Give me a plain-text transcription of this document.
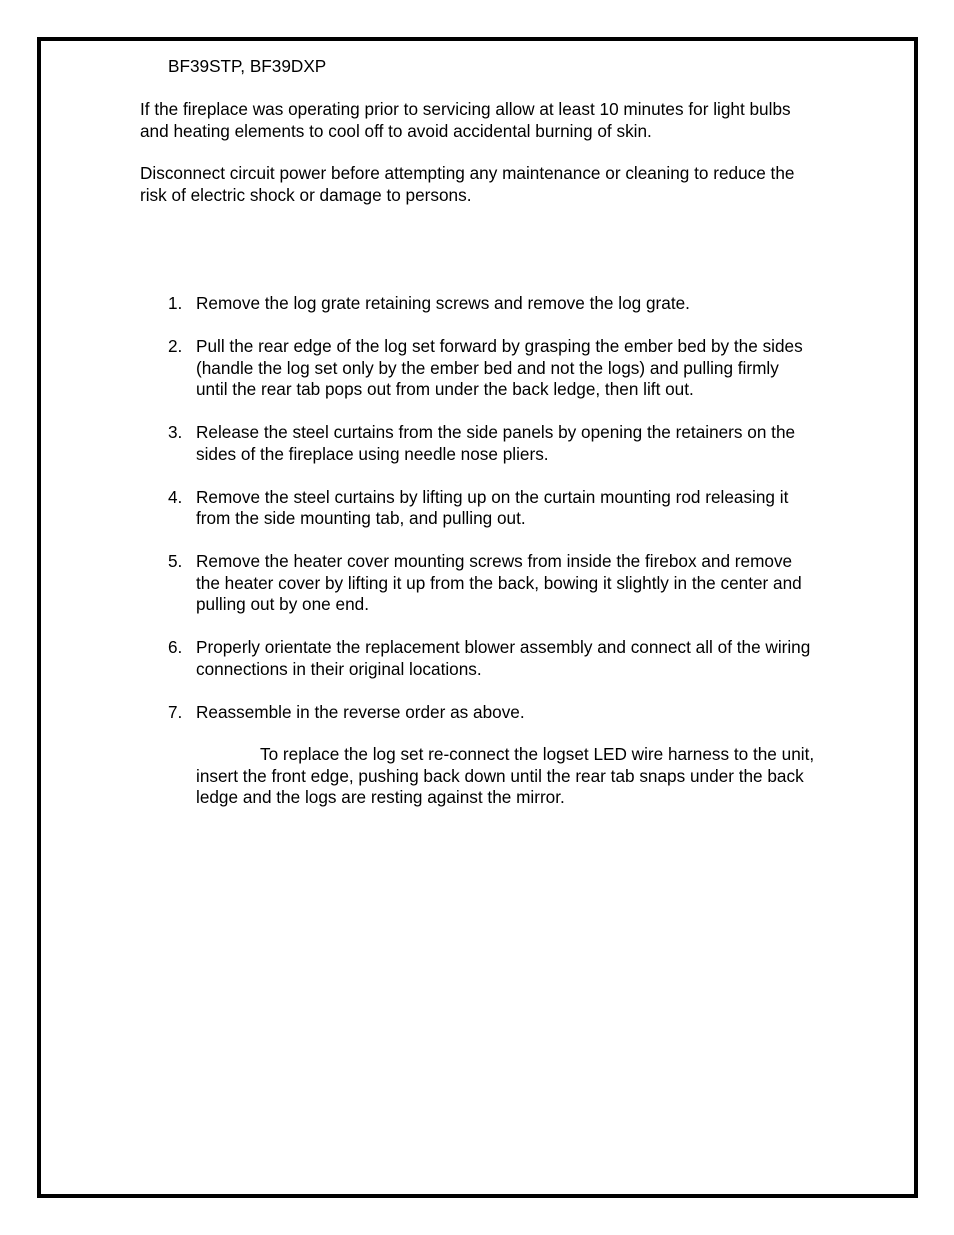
BF39STP, BF39DXP

If the fireplace was operating prior to servicing allow at least 10 minutes for light bulbs
and heating elements to cool off to avoid accidental burning of skin.
Disconnect circuit power before attempting any maintenance or cleaning to reduce the
risk of electric shock or damage to persons.
1. Remove the log grate retaining screws and remove the log grate.
2. Pull the rear edge of the log set forward by grasping the ember bed by the sides
(handle the log set only by the ember bed and not the logs) and pulling firmly
until the rear tab pops out from under the back ledge, then lift out.
3. Release the steel curtains from the side panels by opening the retainers on the
sides of the fireplace using needle nose pliers.
4. Remove the steel curtains by lifting up on the curtain mounting rod releasing it
from the side mounting tab, and pulling out.
5. Remove the heater cover mounting screws from inside the firebox and remove
the heater cover by lifting it up from the back, bowing it slightly in the center and
pulling out by one end.
6. Properly orientate the replacement blower assembly and connect all of the wiring
connections in their original locations.
7. Reassemble in the reverse order as above.
To replace the log set re-connect the logset LED wire harness to the unit,
insert the front edge, pushing back down until the rear tab snaps under the back
ledge and the logs are resting against the mirror.
